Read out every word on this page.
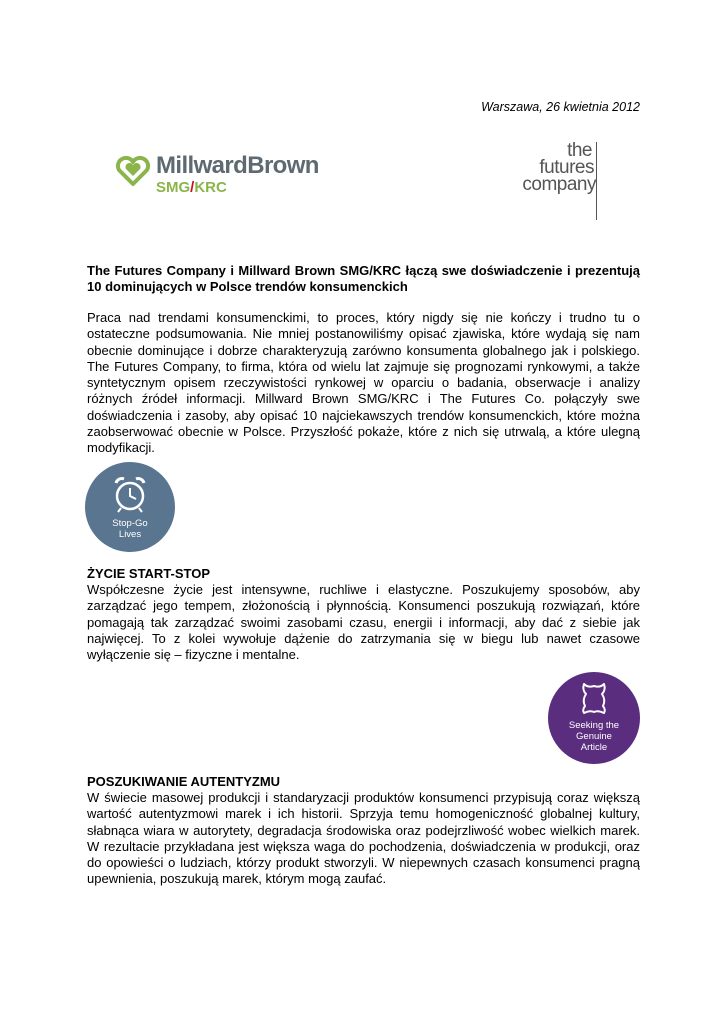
Warszawa, 26 kwietnia 2012
MillwardBrown
SMG/KRC
the
futures
company
The Futures Company i Millward Brown SMG/KRC łączą swe doświadczenie i prezentują 10 dominujących w Polsce trendów konsumenckich
Praca nad trendami konsumenckimi, to proces, który nigdy się nie kończy i trudno tu o ostateczne podsumowania. Nie mniej postanowiliśmy opisać zjawiska, które wydają się nam obecnie dominujące i dobrze charakteryzują zarówno konsumenta globalnego jak i polskiego. The Futures Company, to firma, która od wielu lat zajmuje się prognozami rynkowymi, a także syntetycznym opisem rzeczywistości rynkowej w oparciu o badania, obserwacje i analizy różnych źródeł informacji. Millward Brown SMG/KRC i The Futures Co. połączyły swe doświadczenia i zasoby, aby opisać 10 najciekawszych trendów konsumenckich, które można zaobserwować obecnie w Polsce. Przyszłość pokaże, które z nich się utrwalą, a które ulegną modyfikacji.
Stop-Go
Lives
ŻYCIE START-STOP
Współczesne życie jest intensywne, ruchliwe i elastyczne. Poszukujemy sposobów, aby zarządzać jego tempem, złożonością i płynnością. Konsumenci poszukują rozwiązań, które pomagają tak zarządzać swoimi zasobami czasu, energii i informacji, aby dać z siebie jak najwięcej. To z kolei wywołuje dążenie do zatrzymania się w biegu lub nawet czasowe wyłączenie się – fizyczne i mentalne.
Seeking the
Genuine
Article
POSZUKIWANIE AUTENTYZMU
W świecie masowej produkcji i standaryzacji produktów konsumenci przypisują coraz większą wartość autentyzmowi marek i ich historii. Sprzyja temu homogeniczność globalnej kultury, słabnąca wiara w autorytety, degradacja środowiska oraz podejrzliwość wobec wielkich marek. W rezultacie przykładana jest większa waga do pochodzenia, doświadczenia w produkcji, oraz do opowieści o ludziach, którzy produkt stworzyli. W niepewnych czasach konsumenci pragną upewnienia, poszukują marek, którym mogą zaufać.
